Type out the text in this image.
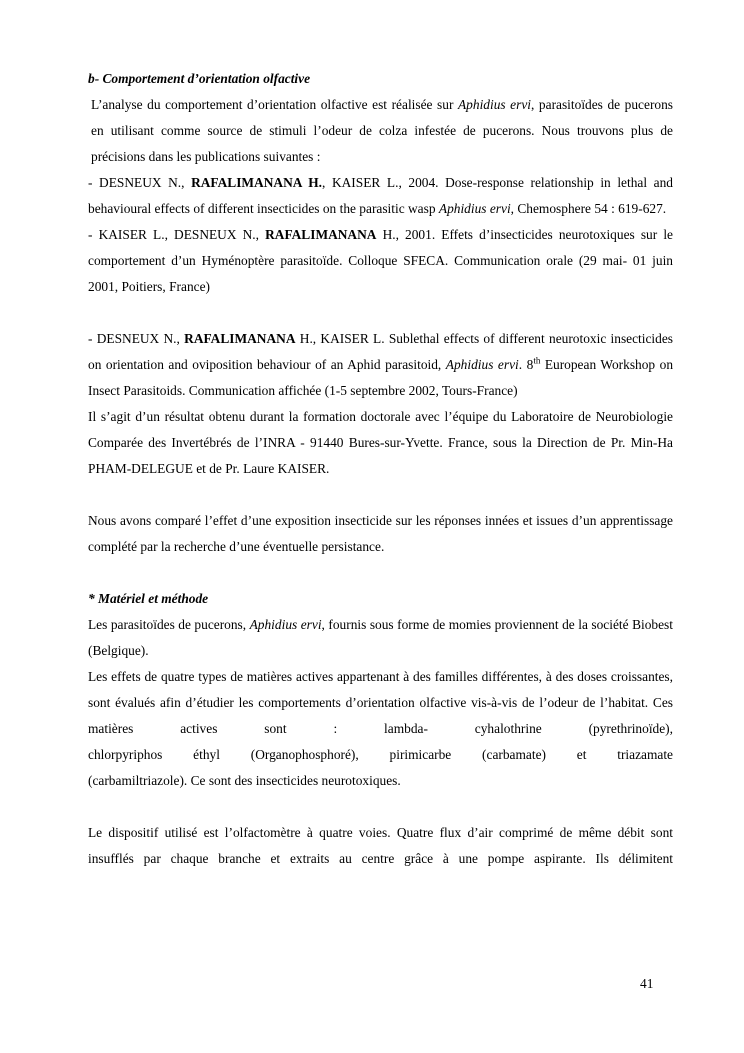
b- Comportement d’orientation olfactive

L’analyse du comportement d’orientation olfactive est réalisée sur Aphidius ervi, parasitoïdes de pucerons en utilisant comme source de stimuli l’odeur de colza infestée de pucerons. Nous trouvons plus de précisions dans les publications suivantes :

- DESNEUX N., RAFALIMANANA H., KAISER L., 2004. Dose-response relationship in lethal and behavioural effects of different insecticides on the parasitic wasp Aphidius ervi, Chemosphere 54 : 619-627.

- KAISER L., DESNEUX N., RAFALIMANANA H., 2001. Effets d’insecticides neurotoxiques sur le comportement d’un Hyménoptère parasitoïde. Colloque SFECA. Communication orale (29 mai- 01 juin 2001, Poitiers, France)

- DESNEUX N., RAFALIMANANA H., KAISER L. Sublethal effects of different neurotoxic insecticides on orientation and oviposition behaviour of an Aphid parasitoid, Aphidius ervi. 8th European Workshop on Insect Parasitoids. Communication affichée (1-5 septembre 2002, Tours-France)

Il s’agit d’un résultat obtenu durant la formation doctorale avec l’équipe du Laboratoire de Neurobiologie Comparée des Invertébrés de l’INRA - 91440 Bures-sur-Yvette. France, sous la Direction de Pr. Min-Ha PHAM-DELEGUE et de Pr. Laure KAISER.

Nous avons comparé l’effet d’une exposition insecticide sur les réponses innées et issues d’un apprentissage complété par la recherche d’une éventuelle persistance.

* Matériel et méthode

Les parasitoïdes de pucerons, Aphidius ervi, fournis sous forme de momies proviennent de la société Biobest (Belgique).

Les effets de quatre types de matières actives appartenant à des familles différentes, à des doses croissantes, sont évalués afin d’étudier les comportements d’orientation olfactive vis-à-vis de l’odeur de l’habitat. Ces matières actives sont : lambda- cyhalothrine (pyrethrinoïde),

chlorpyriphos éthyl (Organophosphoré), pirimicarbe (carbamate) et triazamate

(carbamiltriazole). Ce sont des insecticides neurotoxiques.

Le dispositif utilisé est l’olfactomètre à quatre voies. Quatre flux d’air comprimé de même débit sont insufflés par chaque branche et extraits au centre grâce à une pompe aspirante. Ils délimitent

41
